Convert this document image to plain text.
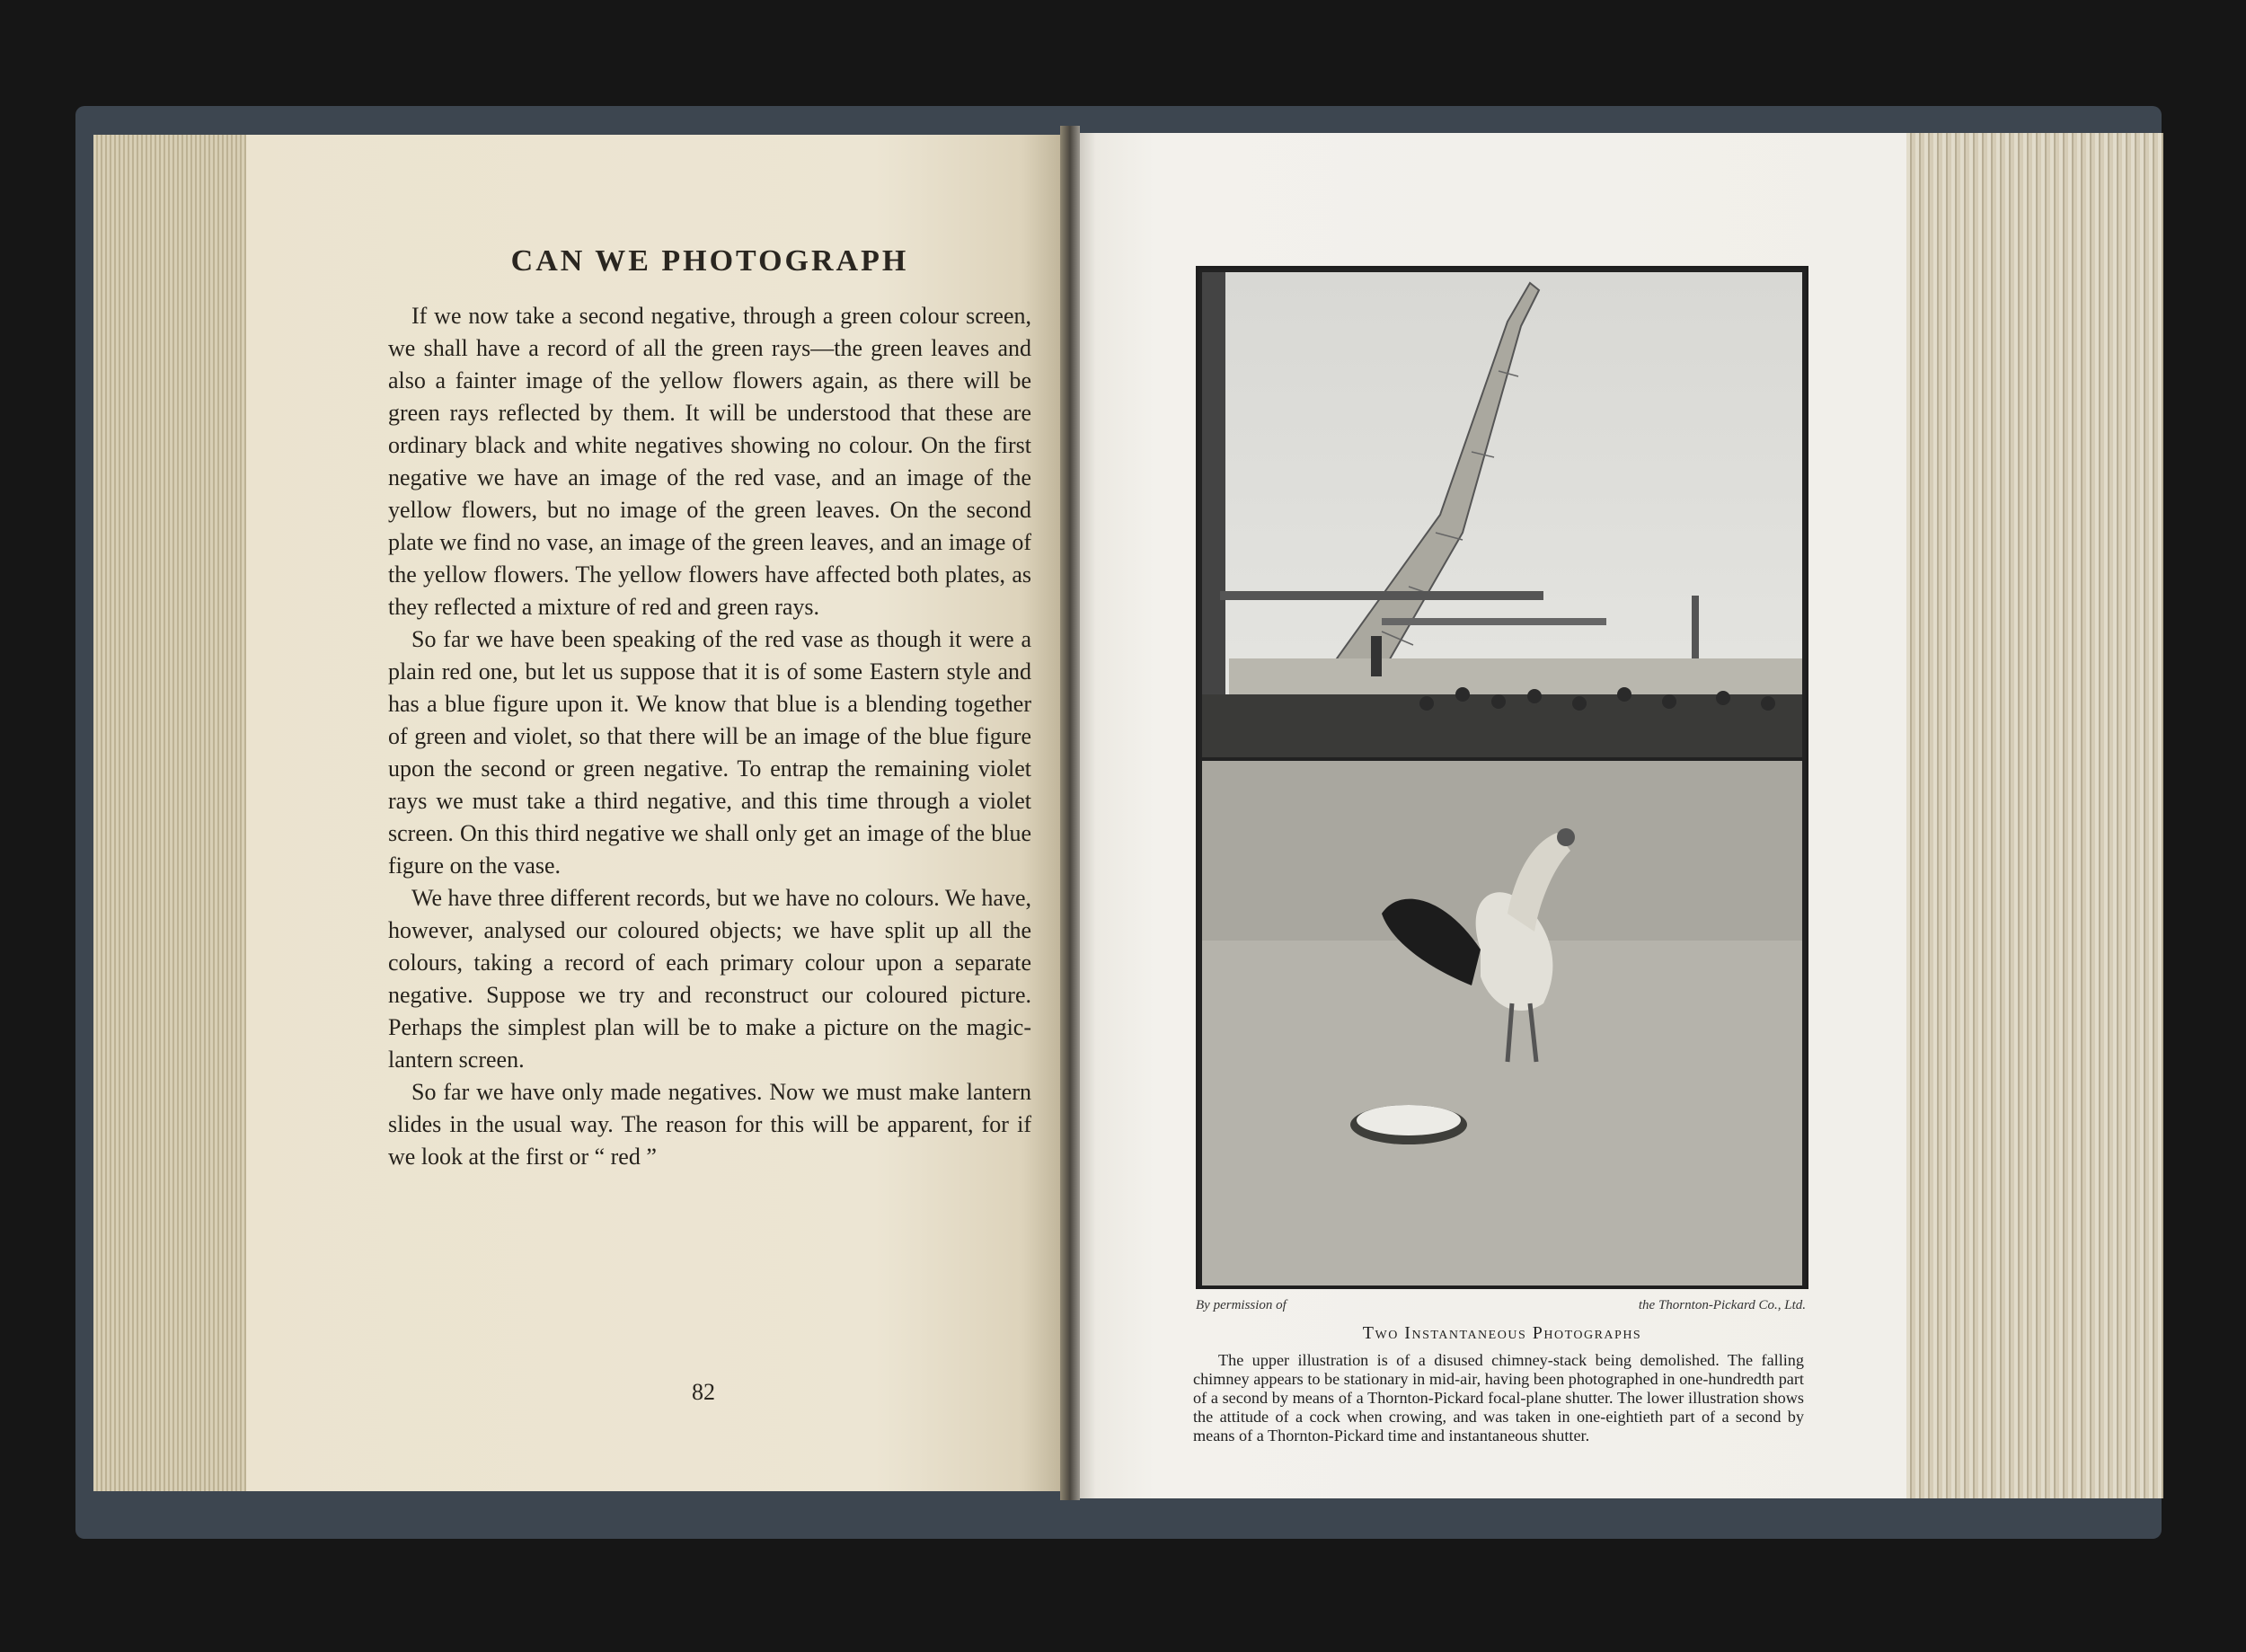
CAN WE PHOTOGRAPH

If we now take a second negative, through a green colour screen, we shall have a record of all the green rays—the green leaves and also a fainter image of the yellow flowers again, as there will be green rays reflected by them. It will be understood that these are ordinary black and white negatives showing no colour. On the first negative we have an image of the red vase, and an image of the yellow flowers, but no image of the green leaves. On the second plate we find no vase, an image of the green leaves, and an image of the yellow flowers. The yellow flowers have affected both plates, as they reflected a mixture of red and green rays.

So far we have been speaking of the red vase as though it were a plain red one, but let us suppose that it is of some Eastern style and has a blue figure upon it. We know that blue is a blending together of green and violet, so that there will be an image of the blue figure upon the second or green negative. To entrap the remaining violet rays we must take a third negative, and this time through a violet screen. On this third negative we shall only get an image of the blue figure on the vase.

We have three different records, but we have no colours. We have, however, analysed our coloured objects; we have split up all the colours, taking a record of each primary colour upon a separate negative. Suppose we try and reconstruct our coloured picture. Perhaps the simplest plan will be to make a picture on the magic-lantern screen.

So far we have only made negatives. Now we must make lantern slides in the usual way. The reason for this will be apparent, for if we look at the first or “ red ”

82
By permission of	the Thornton-Pickard Co., Ltd.
Two Instantaneous Photographs
The upper illustration is of a disused chimney-stack being demolished. The falling chimney appears to be stationary in mid-air, having been photographed in one-hundredth part of a second by means of a Thornton-Pickard focal-plane shutter. The lower illustration shows the attitude of a cock when crowing, and was taken in one-eightieth part of a second by means of a Thornton-Pickard time and instantaneous shutter.
